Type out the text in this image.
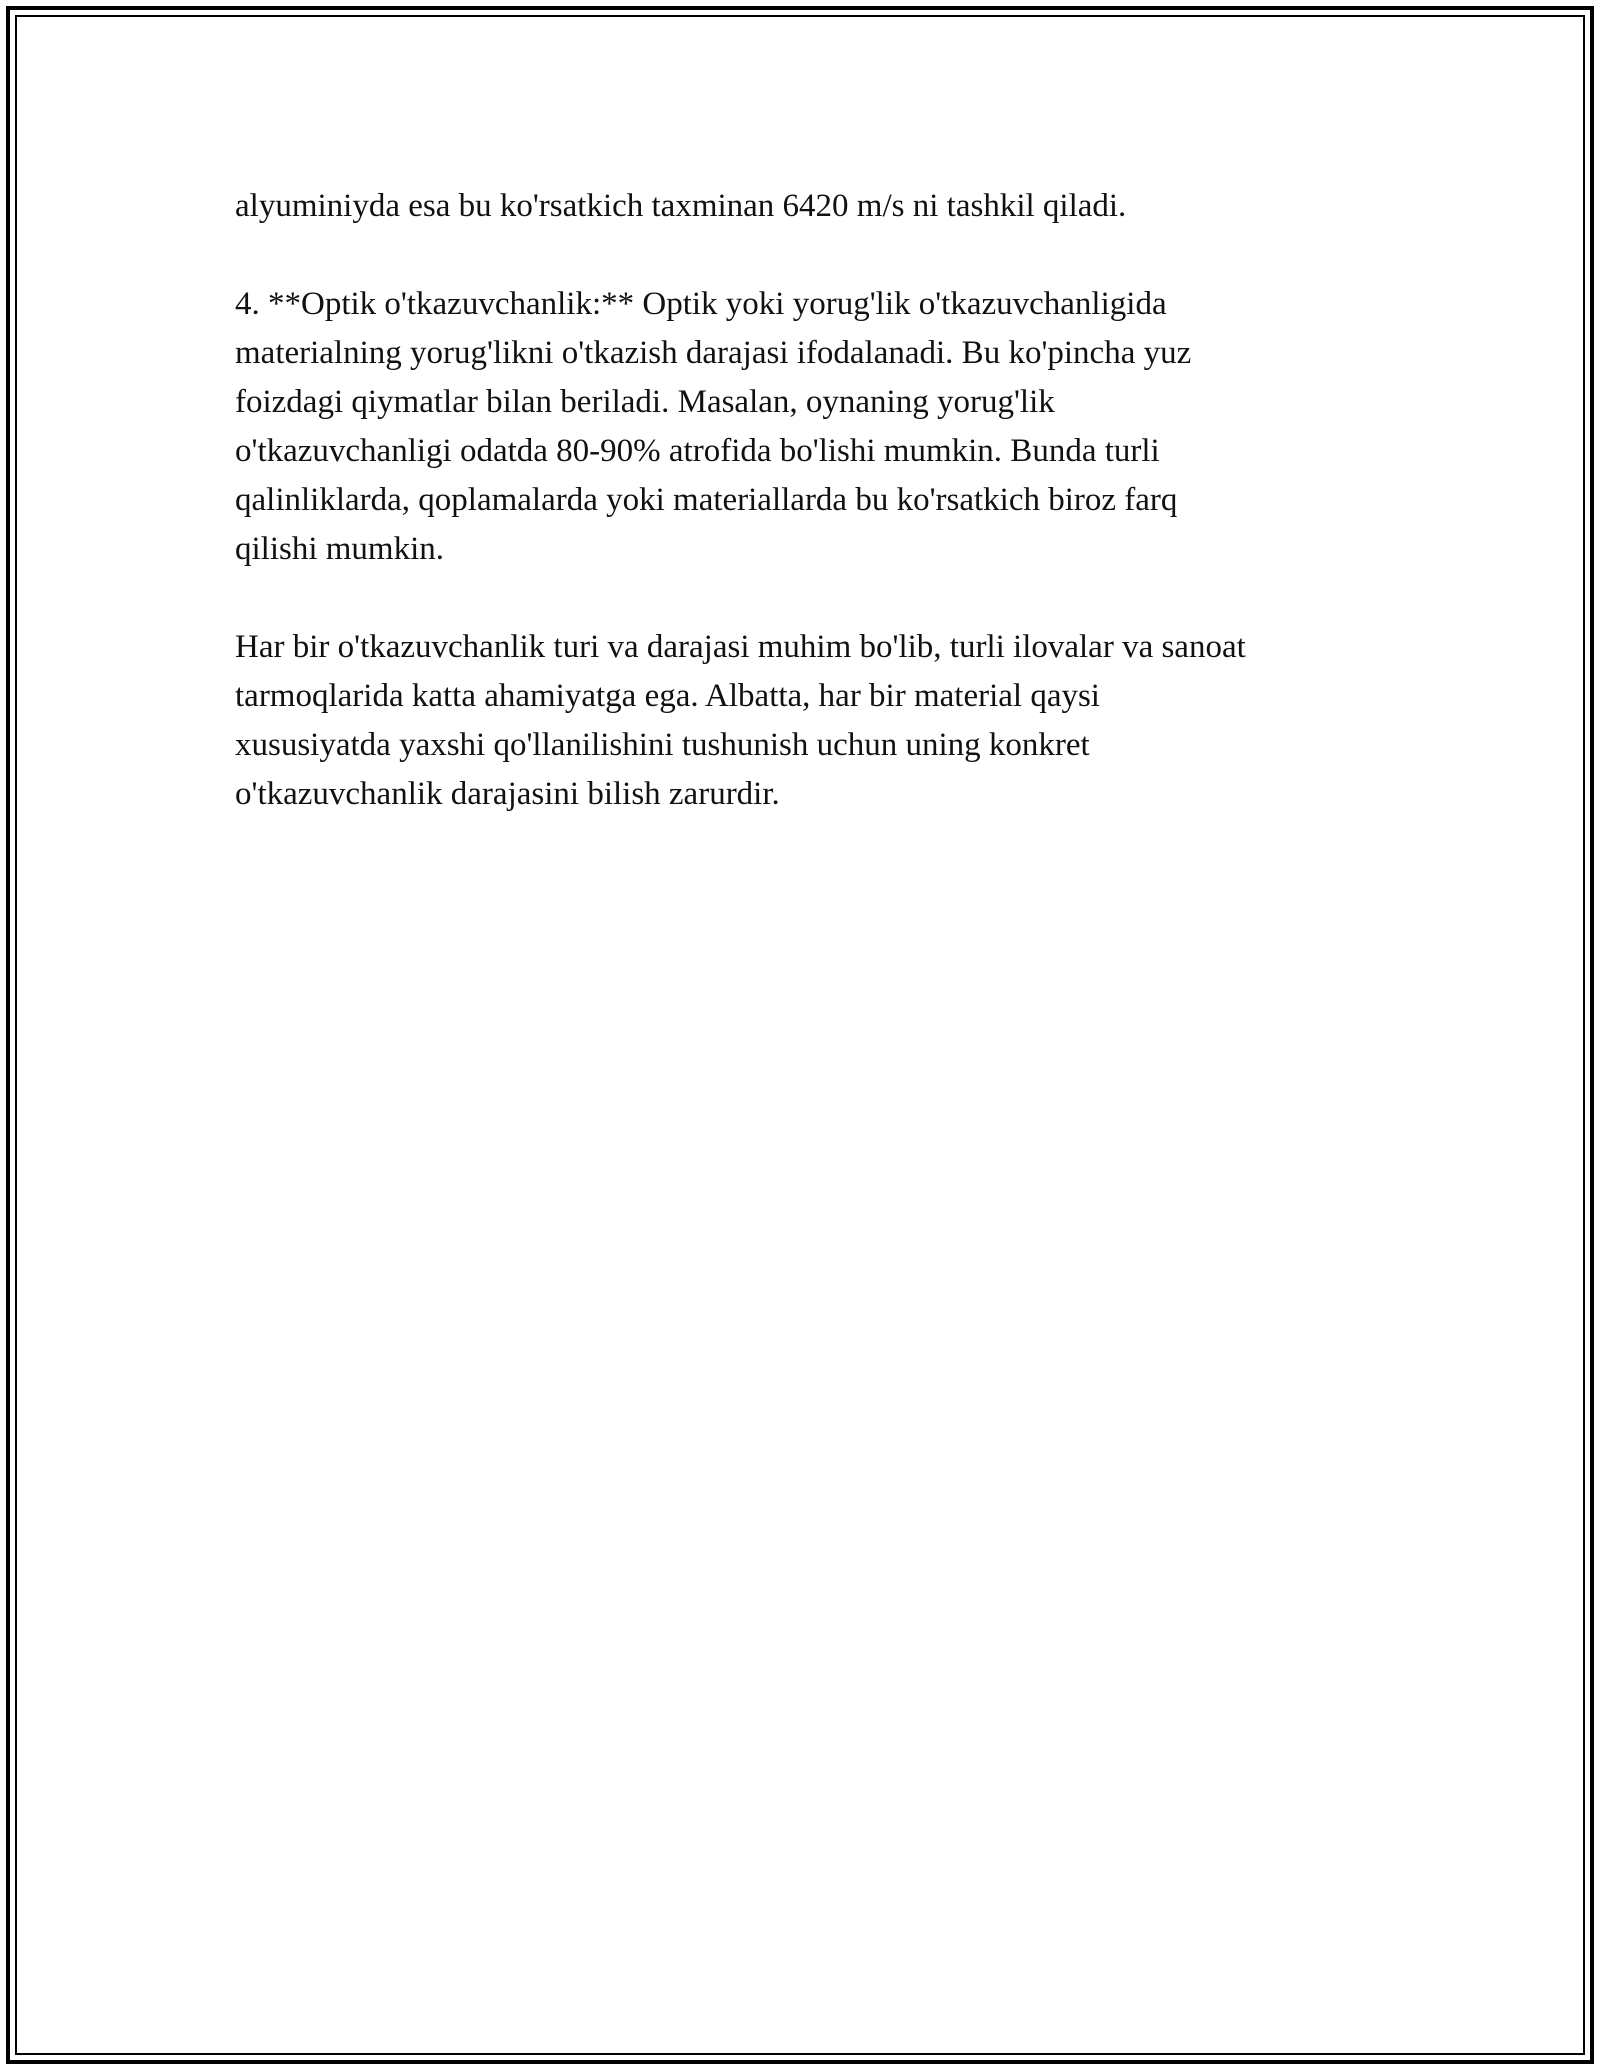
alyuminiyda esa bu ko'rsatkich taxminan 6420 m/s ni tashkil qiladi.

4. **Optik o'tkazuvchanlik:** Optik yoki yorug'lik o'tkazuvchanligida
materialning yorug'likni o'tkazish darajasi ifodalanadi. Bu ko'pincha yuz
foizdagi qiymatlar bilan beriladi. Masalan, oynaning yorug'lik
o'tkazuvchanligi odatda 80-90% atrofida bo'lishi mumkin. Bunda turli
qalinliklarda, qoplamalarda yoki materiallarda bu ko'rsatkich biroz farq
qilishi mumkin.

Har bir o'tkazuvchanlik turi va darajasi muhim bo'lib, turli ilovalar va sanoat
tarmoqlarida katta ahamiyatga ega. Albatta, har bir material qaysi
xususiyatda yaxshi qo'llanilishini tushunish uchun uning konkret
o'tkazuvchanlik darajasini bilish zarurdir.
